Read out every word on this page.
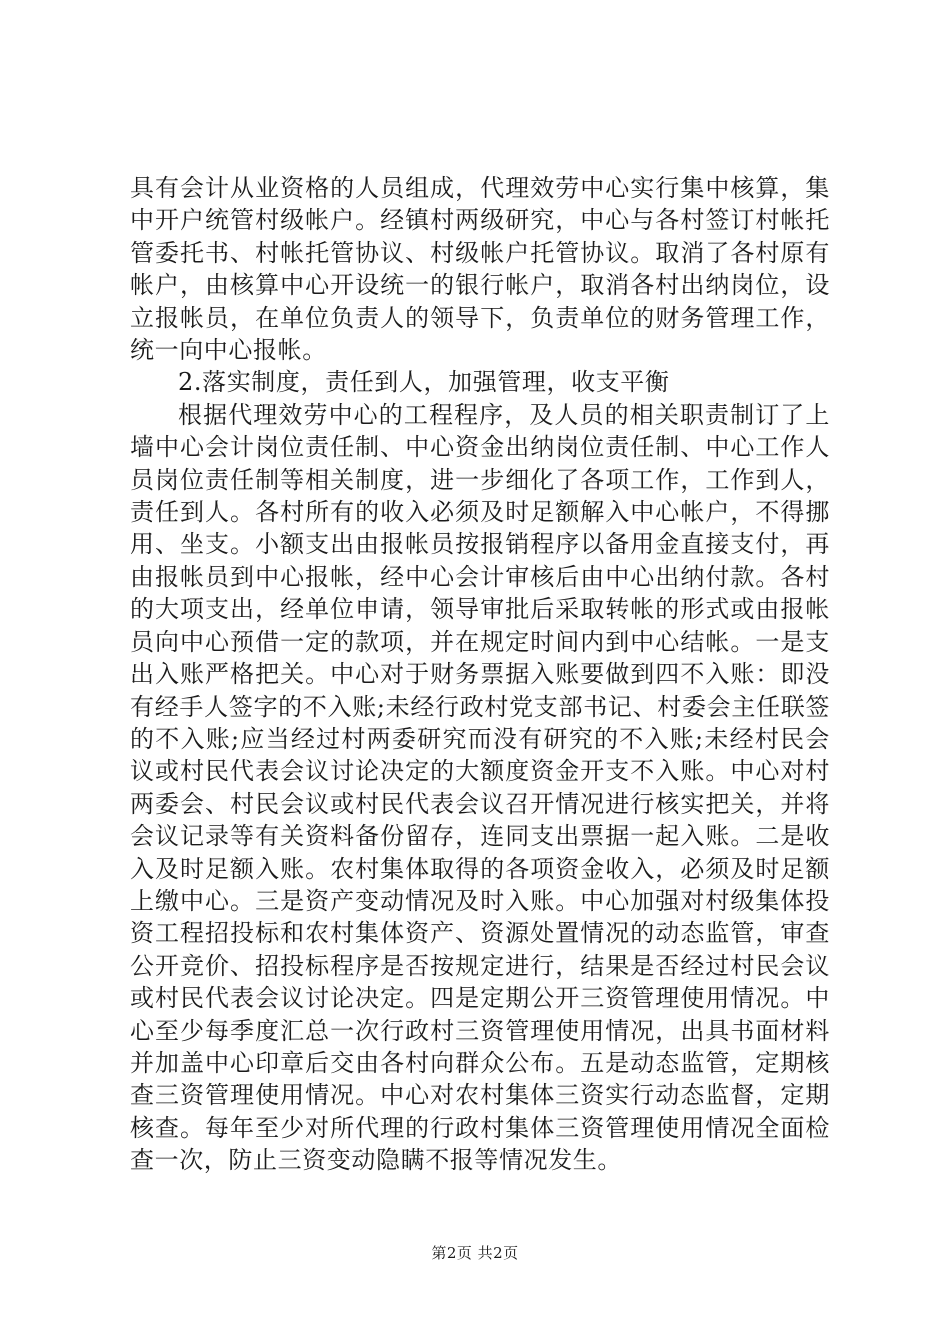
具有会计从业资格的人员组成，代理效劳中心实行集中核算，集中开户统管村级帐户。经镇村两级研究，中心与各村签订村帐托管委托书、村帐托管协议、村级帐户托管协议。取消了各村原有帐户，由核算中心开设统一的银行帐户，取消各村出纳岗位，设立报帐员，在单位负责人的领导下，负责单位的财务管理工作，统一向中心报帐。

2.落实制度，责任到人，加强管理，收支平衡

根据代理效劳中心的工程程序，及人员的相关职责制订了上墙中心会计岗位责任制、中心资金出纳岗位责任制、中心工作人员岗位责任制等相关制度，进一步细化了各项工作，工作到人，责任到人。各村所有的收入必须及时足额解入中心帐户，不得挪用、坐支。小额支出由报帐员按报销程序以备用金直接支付，再由报帐员到中心报帐，经中心会计审核后由中心出纳付款。各村的大项支出，经单位申请，领导审批后采取转帐的形式或由报帐员向中心预借一定的款项，并在规定时间内到中心结帐。一是支出入账严格把关。中心对于财务票据入账要做到四不入账：即没有经手人签字的不入账;未经行政村党支部书记、村委会主任联签的不入账;应当经过村两委研究而没有研究的不入账;未经村民会议或村民代表会议讨论决定的大额度资金开支不入账。中心对村两委会、村民会议或村民代表会议召开情况进行核实把关，并将会议记录等有关资料备份留存，连同支出票据一起入账。二是收入及时足额入账。农村集体取得的各项资金收入，必须及时足额上缴中心。三是资产变动情况及时入账。中心加强对村级集体投资工程招投标和农村集体资产、资源处置情况的动态监管，审查公开竞价、招投标程序是否按规定进行，结果是否经过村民会议或村民代表会议讨论决定。四是定期公开三资管理使用情况。中心至少每季度汇总一次行政村三资管理使用情况，出具书面材料并加盖中心印章后交由各村向群众公布。五是动态监管，定期核查三资管理使用情况。中心对农村集体三资实行动态监督，定期核查。每年至少对所代理的行政村集体三资管理使用情况全面检查一次，防止三资变动隐瞒不报等情况发生。

第2页 共2页
